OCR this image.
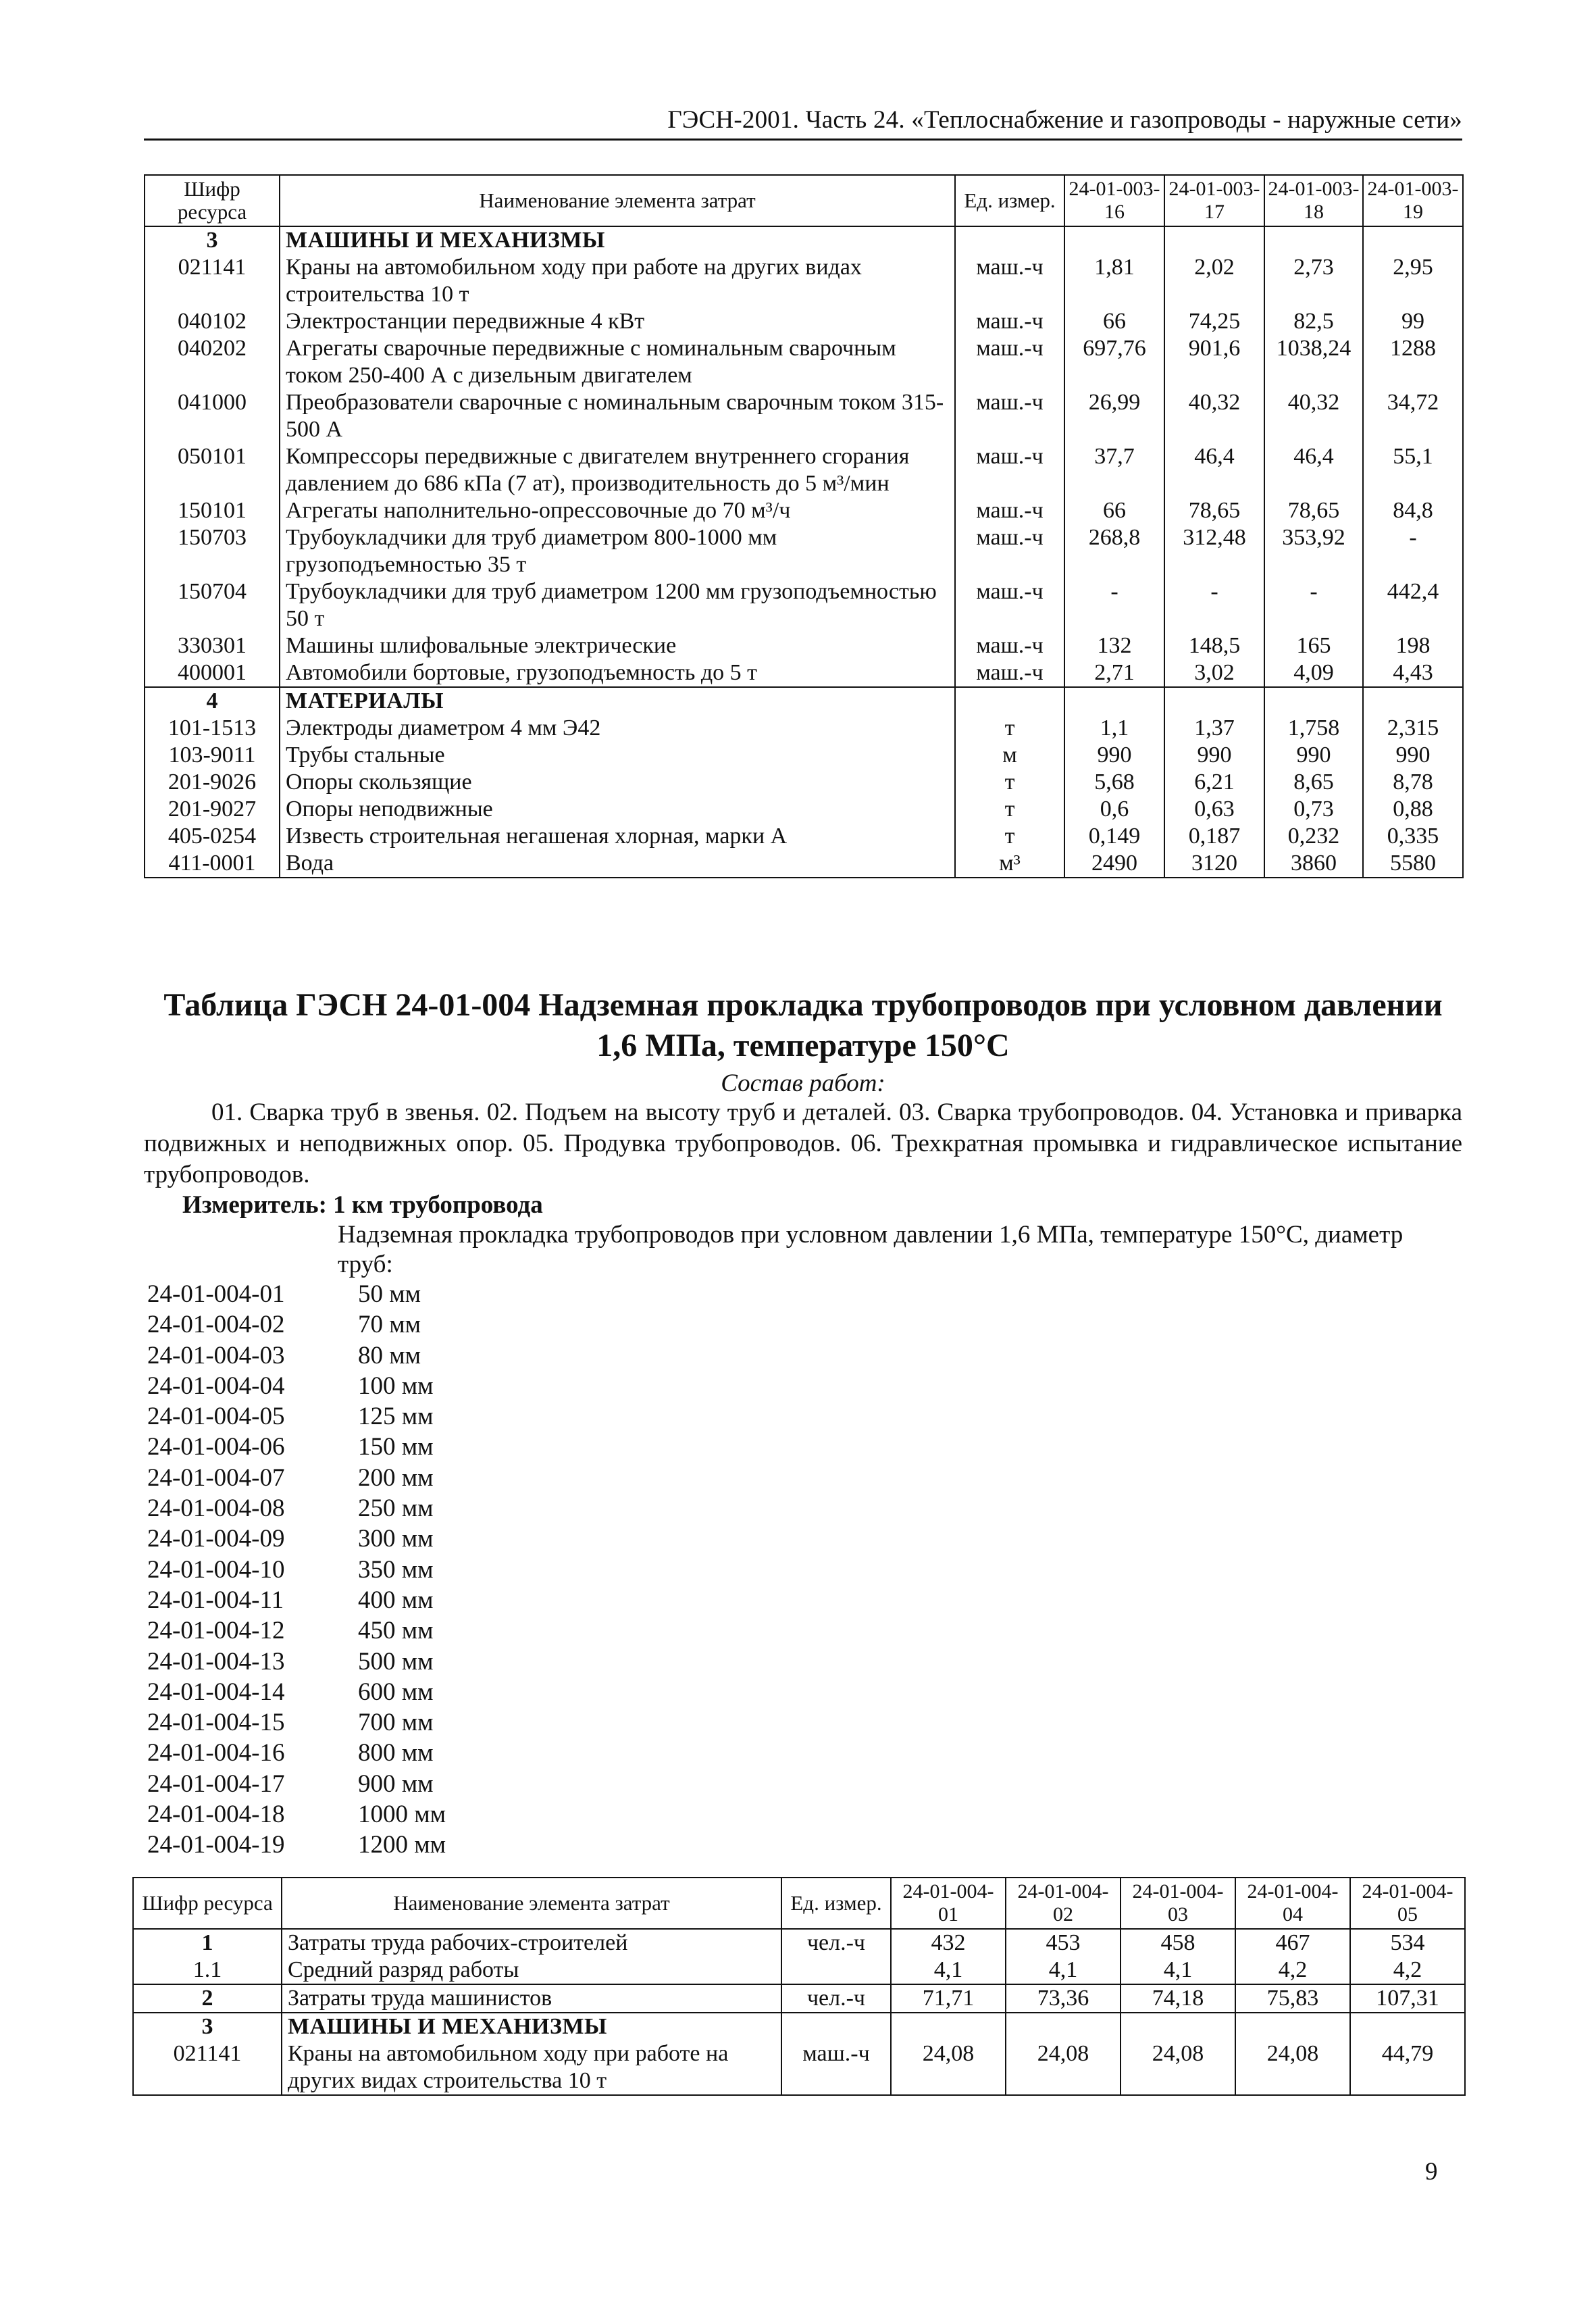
ГЭСН-2001. Часть 24. «Теплоснабжение и газопроводы - наружные сети»
Шифр ресурса	Наименование элемента затрат	Ед. измер.	24-01-003-16	24-01-003-17	24-01-003-18	24-01-003-19
3	МАШИНЫ И МЕХАНИЗМЫ					
021141	Краны на автомобильном ходу при работе на других видах строительства 10 т	маш.-ч	1,81	2,02	2,73	2,95
040102	Электростанции передвижные 4 кВт	маш.-ч	66	74,25	82,5	99
040202	Агрегаты сварочные передвижные с номинальным сварочным током 250-400 А с дизельным двигателем	маш.-ч	697,76	901,6	1038,24	1288
041000	Преобразователи сварочные с номинальным сварочным током 315-500 А	маш.-ч	26,99	40,32	40,32	34,72
050101	Компрессоры передвижные с двигателем внутреннего сгорания давлением до 686 кПа (7 ат), производительность до 5 м³/мин	маш.-ч	37,7	46,4	46,4	55,1
150101	Агрегаты наполнительно-опрессовочные до 70 м³/ч	маш.-ч	66	78,65	78,65	84,8
150703	Трубоукладчики для труб диаметром 800-1000 мм грузоподъемностью 35 т	маш.-ч	268,8	312,48	353,92	-
150704	Трубоукладчики для труб диаметром 1200 мм грузоподъемностью 50 т	маш.-ч	-	-	-	442,4
330301	Машины шлифовальные электрические	маш.-ч	132	148,5	165	198
400001	Автомобили бортовые, грузоподъемность до 5 т	маш.-ч	2,71	3,02	4,09	4,43
4	МАТЕРИАЛЫ					
101-1513	Электроды диаметром 4 мм Э42	т	1,1	1,37	1,758	2,315
103-9011	Трубы стальные	м	990	990	990	990
201-9026	Опоры скользящие	т	5,68	6,21	8,65	8,78
201-9027	Опоры неподвижные	т	0,6	0,63	0,73	0,88
405-0254	Известь строительная негашеная хлорная, марки А	т	0,149	0,187	0,232	0,335
411-0001	Вода	м³	2490	3120	3860	5580
Таблица ГЭСН 24-01-004 Надземная прокладка трубопроводов при условном давлении
1,6 МПа, температуре 150°С
Состав работ:
01. Сварка труб в звенья. 02. Подъем на высоту труб и деталей. 03. Сварка трубопроводов. 04. Установка и приварка подвижных и неподвижных опор. 05. Продувка трубопроводов. 06. Трехкратная промывка и гидравлическое испытание трубопроводов.
Измеритель: 1 км трубопровода
Надземная прокладка трубопроводов при условном давлении 1,6 МПа, температуре 150°С, диаметр труб:
24-01-004-01	50 мм
24-01-004-02	70 мм
24-01-004-03	80 мм
24-01-004-04	100 мм
24-01-004-05	125 мм
24-01-004-06	150 мм
24-01-004-07	200 мм
24-01-004-08	250 мм
24-01-004-09	300 мм
24-01-004-10	350 мм
24-01-004-11	400 мм
24-01-004-12	450 мм
24-01-004-13	500 мм
24-01-004-14	600 мм
24-01-004-15	700 мм
24-01-004-16	800 мм
24-01-004-17	900 мм
24-01-004-18	1000 мм
24-01-004-19	1200 мм
Шифр ресурса	Наименование элемента затрат	Ед. измер.	24-01-004-01	24-01-004-02	24-01-004-03	24-01-004-04	24-01-004-05
1	Затраты труда рабочих-строителей	чел.-ч	432	453	458	467	534
1.1	Средний разряд работы		4,1	4,1	4,1	4,2	4,2
2	Затраты труда машинистов	чел.-ч	71,71	73,36	74,18	75,83	107,31
3	МАШИНЫ И МЕХАНИЗМЫ						
021141	Краны на автомобильном ходу при работе на других видах строительства 10 т	маш.-ч	24,08	24,08	24,08	24,08	44,79
9
